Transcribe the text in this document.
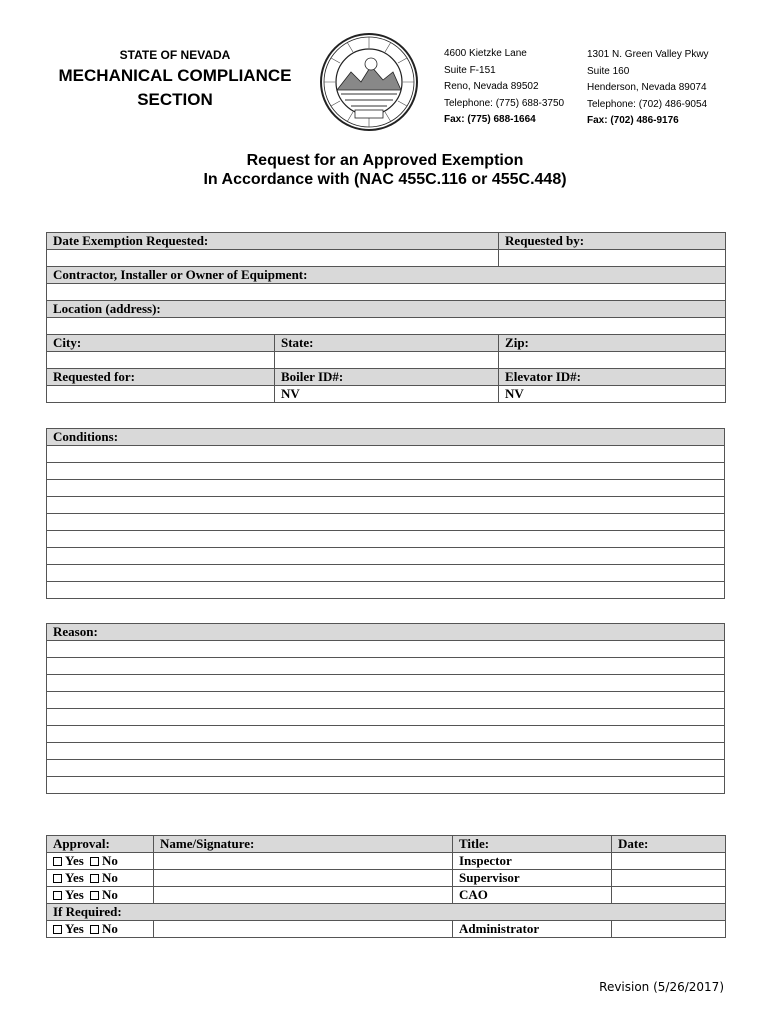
STATE OF NEVADA
MECHANICAL COMPLIANCE
SECTION
4600 Kietzke Lane
Suite F-151
Reno, Nevada 89502
Telephone: (775) 688-3750
Fax: (775) 688-1664
1301 N. Green Valley Pkwy
Suite 160
Henderson, Nevada 89074
Telephone: (702) 486-9054
Fax: (702) 486-9176
Request for an Approved Exemption
In Accordance with (NAC 455C.116 or 455C.448)
Date Exemption Requested:		Requested by:

Contractor, Installer or Owner of Equipment:		

Location (address):		

City:	State:	Zip:

Requested for:	Boiler ID#:	Elevator ID#:
	NV	NV
Conditions:

Reason:

Approval:	Name/Signature:	Title:	Date:
Yes No		Inspector	
Yes No		Supervisor	
Yes No		CAO	
If Required:			
Yes No		Administrator	
Revision (5/26/2017)
